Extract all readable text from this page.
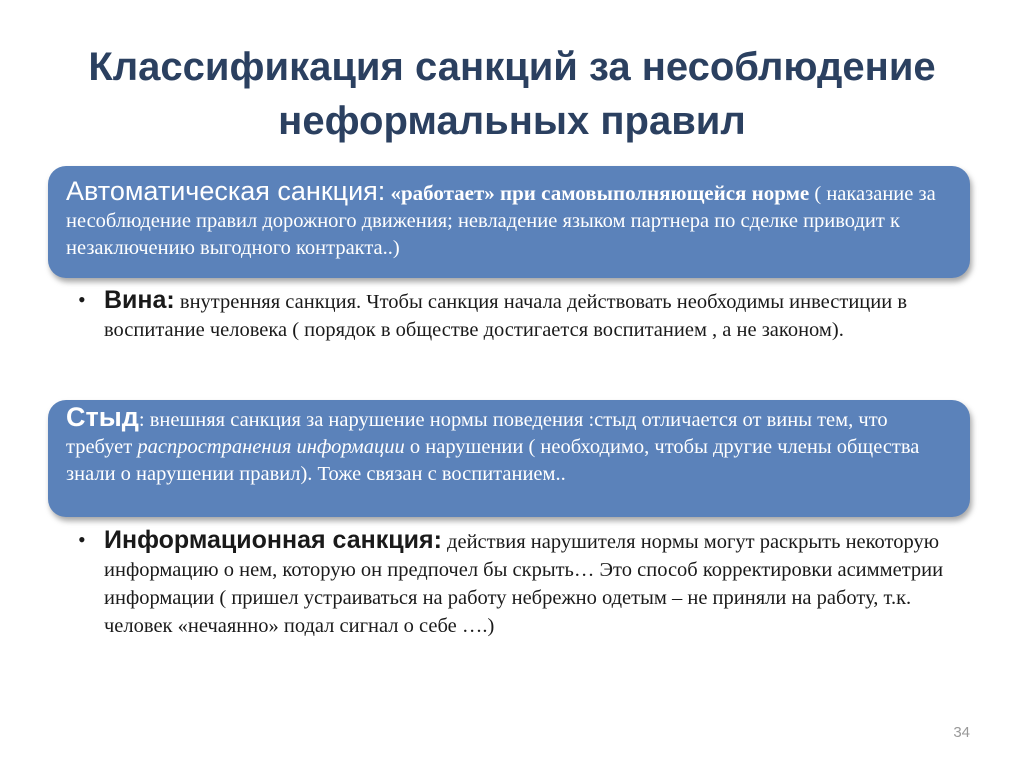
Классификация санкций за несоблюдение неформальных правил
Автоматическая санкция: «работает» при самовыполняющейся норме ( наказание за несоблюдение правил дорожного движения; невладение языком партнера по сделке приводит к незаключению выгодного контракта..)
• Вина: внутренняя санкция. Чтобы санкция начала действовать необходимы инвестиции в воспитание человека ( порядок в обществе достигается воспитанием , а не законом).
Стыд: внешняя санкция за нарушение нормы поведения :стыд отличается от вины тем, что требует распространения информации о нарушении ( необходимо, чтобы другие члены общества знали о нарушении правил). Тоже связан с воспитанием..
• Информационная санкция: действия нарушителя нормы могут раскрыть некоторую информацию о нем, которую он предпочел бы скрыть… Это способ корректировки асимметрии информации ( пришел устраиваться на работу небрежно одетым – не приняли на работу, т.к. человек «нечаянно» подал сигнал о себе ….)
34
